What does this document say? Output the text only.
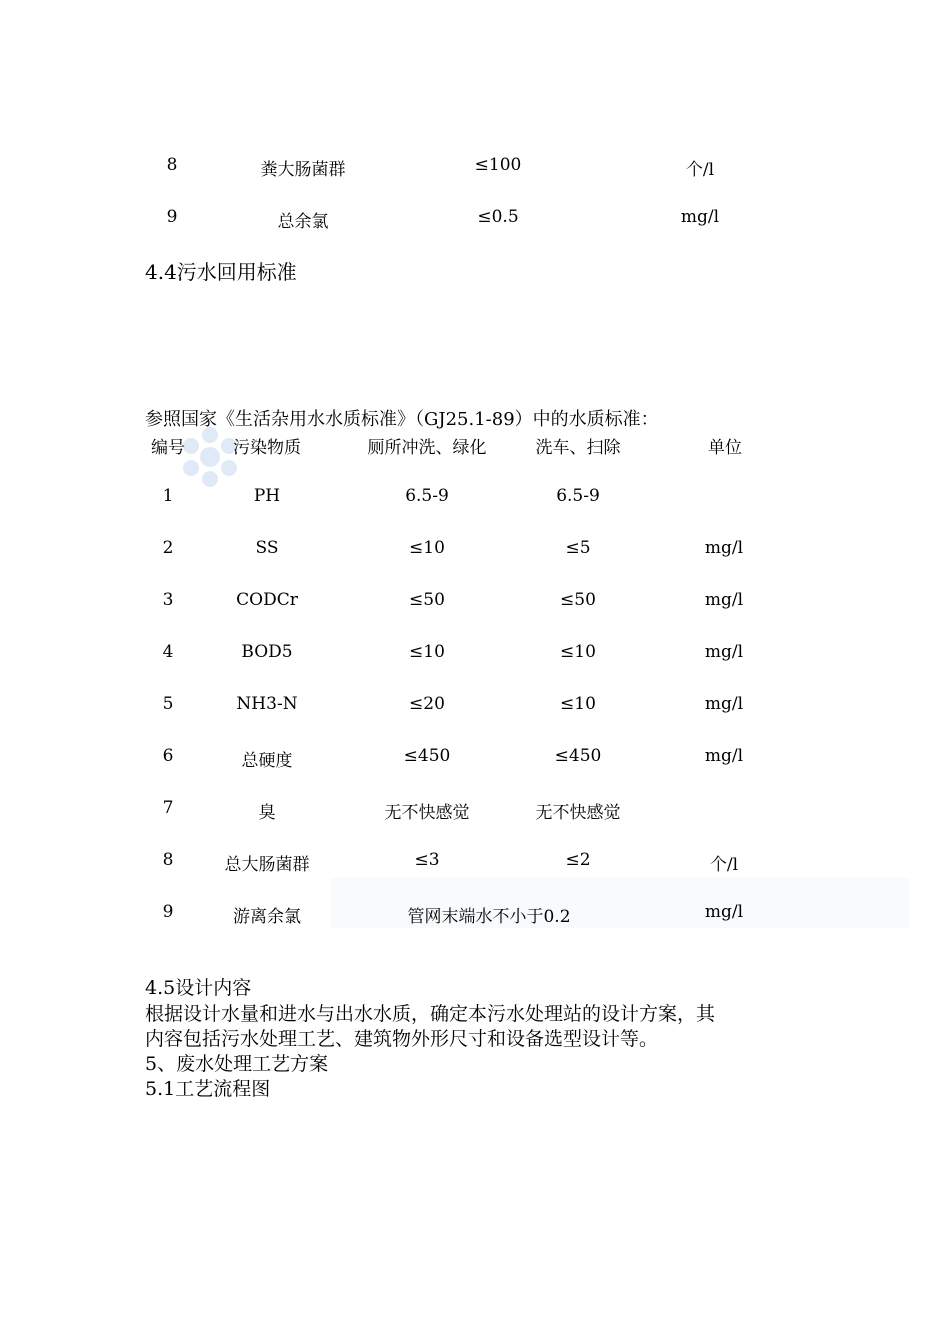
8	粪大肠菌群	≤100	个/l
9	总余氯	≤0.5	mg/l
4.4污水回用标准
参照国家《生活杂用水水质标准》（GJ25.1-89）中的水质标准：
编号	污染物质	厕所冲洗、绿化	洗车、扫除	单位
1	PH	6.5-9	6.5-9
2	SS	≤10	≤5	mg/l
3	CODCr	≤50	≤50	mg/l
4	BOD5	≤10	≤10	mg/l
5	NH3-N	≤20	≤10	mg/l
6	总硬度	≤450	≤450	mg/l
7	臭	无不快感觉	无不快感觉
8	总大肠菌群	≤3	≤2	个/l
9	游离余氯	管网末端水不小于0.2	mg/l
4.5设计内容
根据设计水量和进水与出水水质，确定本污水处理站的设计方案，其
内容包括污水处理工艺、建筑物外形尺寸和设备选型设计等。
5、废水处理工艺方案
5.1工艺流程图
